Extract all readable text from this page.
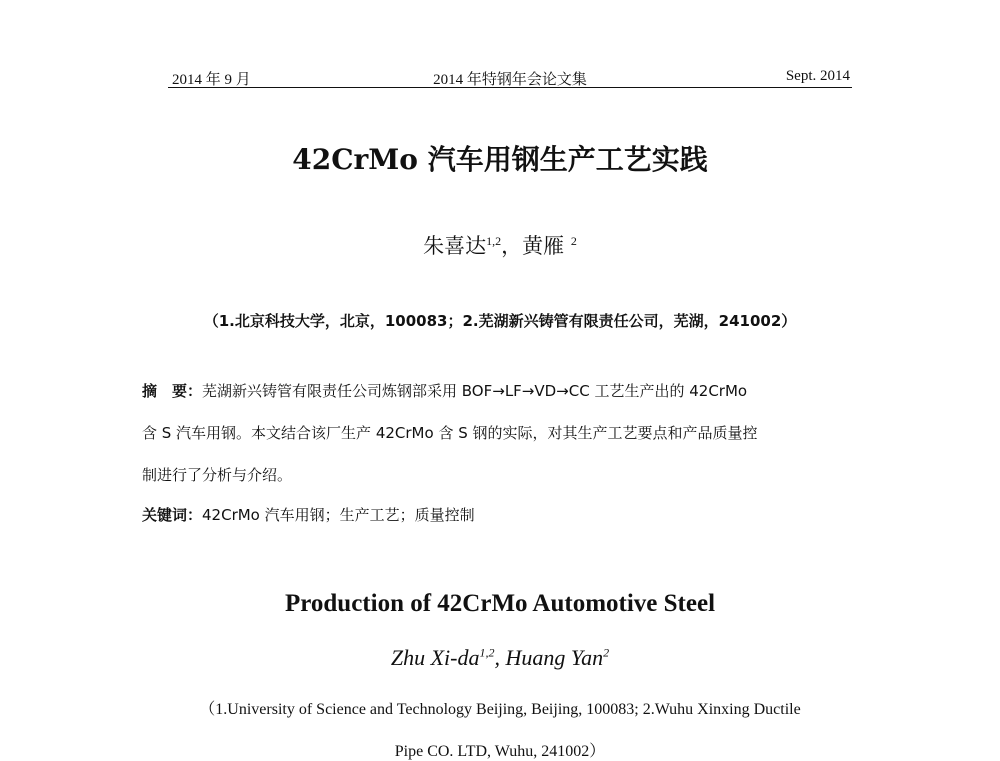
2014 年 9 月	2014 年特钢年会论文集	Sept. 2014
42CrMo 汽车用钢生产工艺实践
朱喜达$^{1,2}$，黄雁 $^2$
（1.北京科技大学，北京，100083；2.芜湖新兴铸管有限责任公司，芜湖，241002）
摘　要：芜湖新兴铸管有限责任公司炼钢部采用 BOF→LF→VD→CC 工艺生产出的 42CrMo
含 S 汽车用钢。本文结合该厂生产 42CrMo 含 S 钢的实际，对其生产工艺要点和产品质量控
制进行了分析与介绍。
关键词：42CrMo 汽车用钢；生产工艺；质量控制
Production of 42CrMo Automotive Steel
Zhu Xi-da$^{1,2}$, Huang Yan$^2$
（1.University of Science and Technology Beijing, Beijing, 100083; 2.Wuhu Xinxing Ductile
Pipe CO. LTD, Wuhu, 241002）
